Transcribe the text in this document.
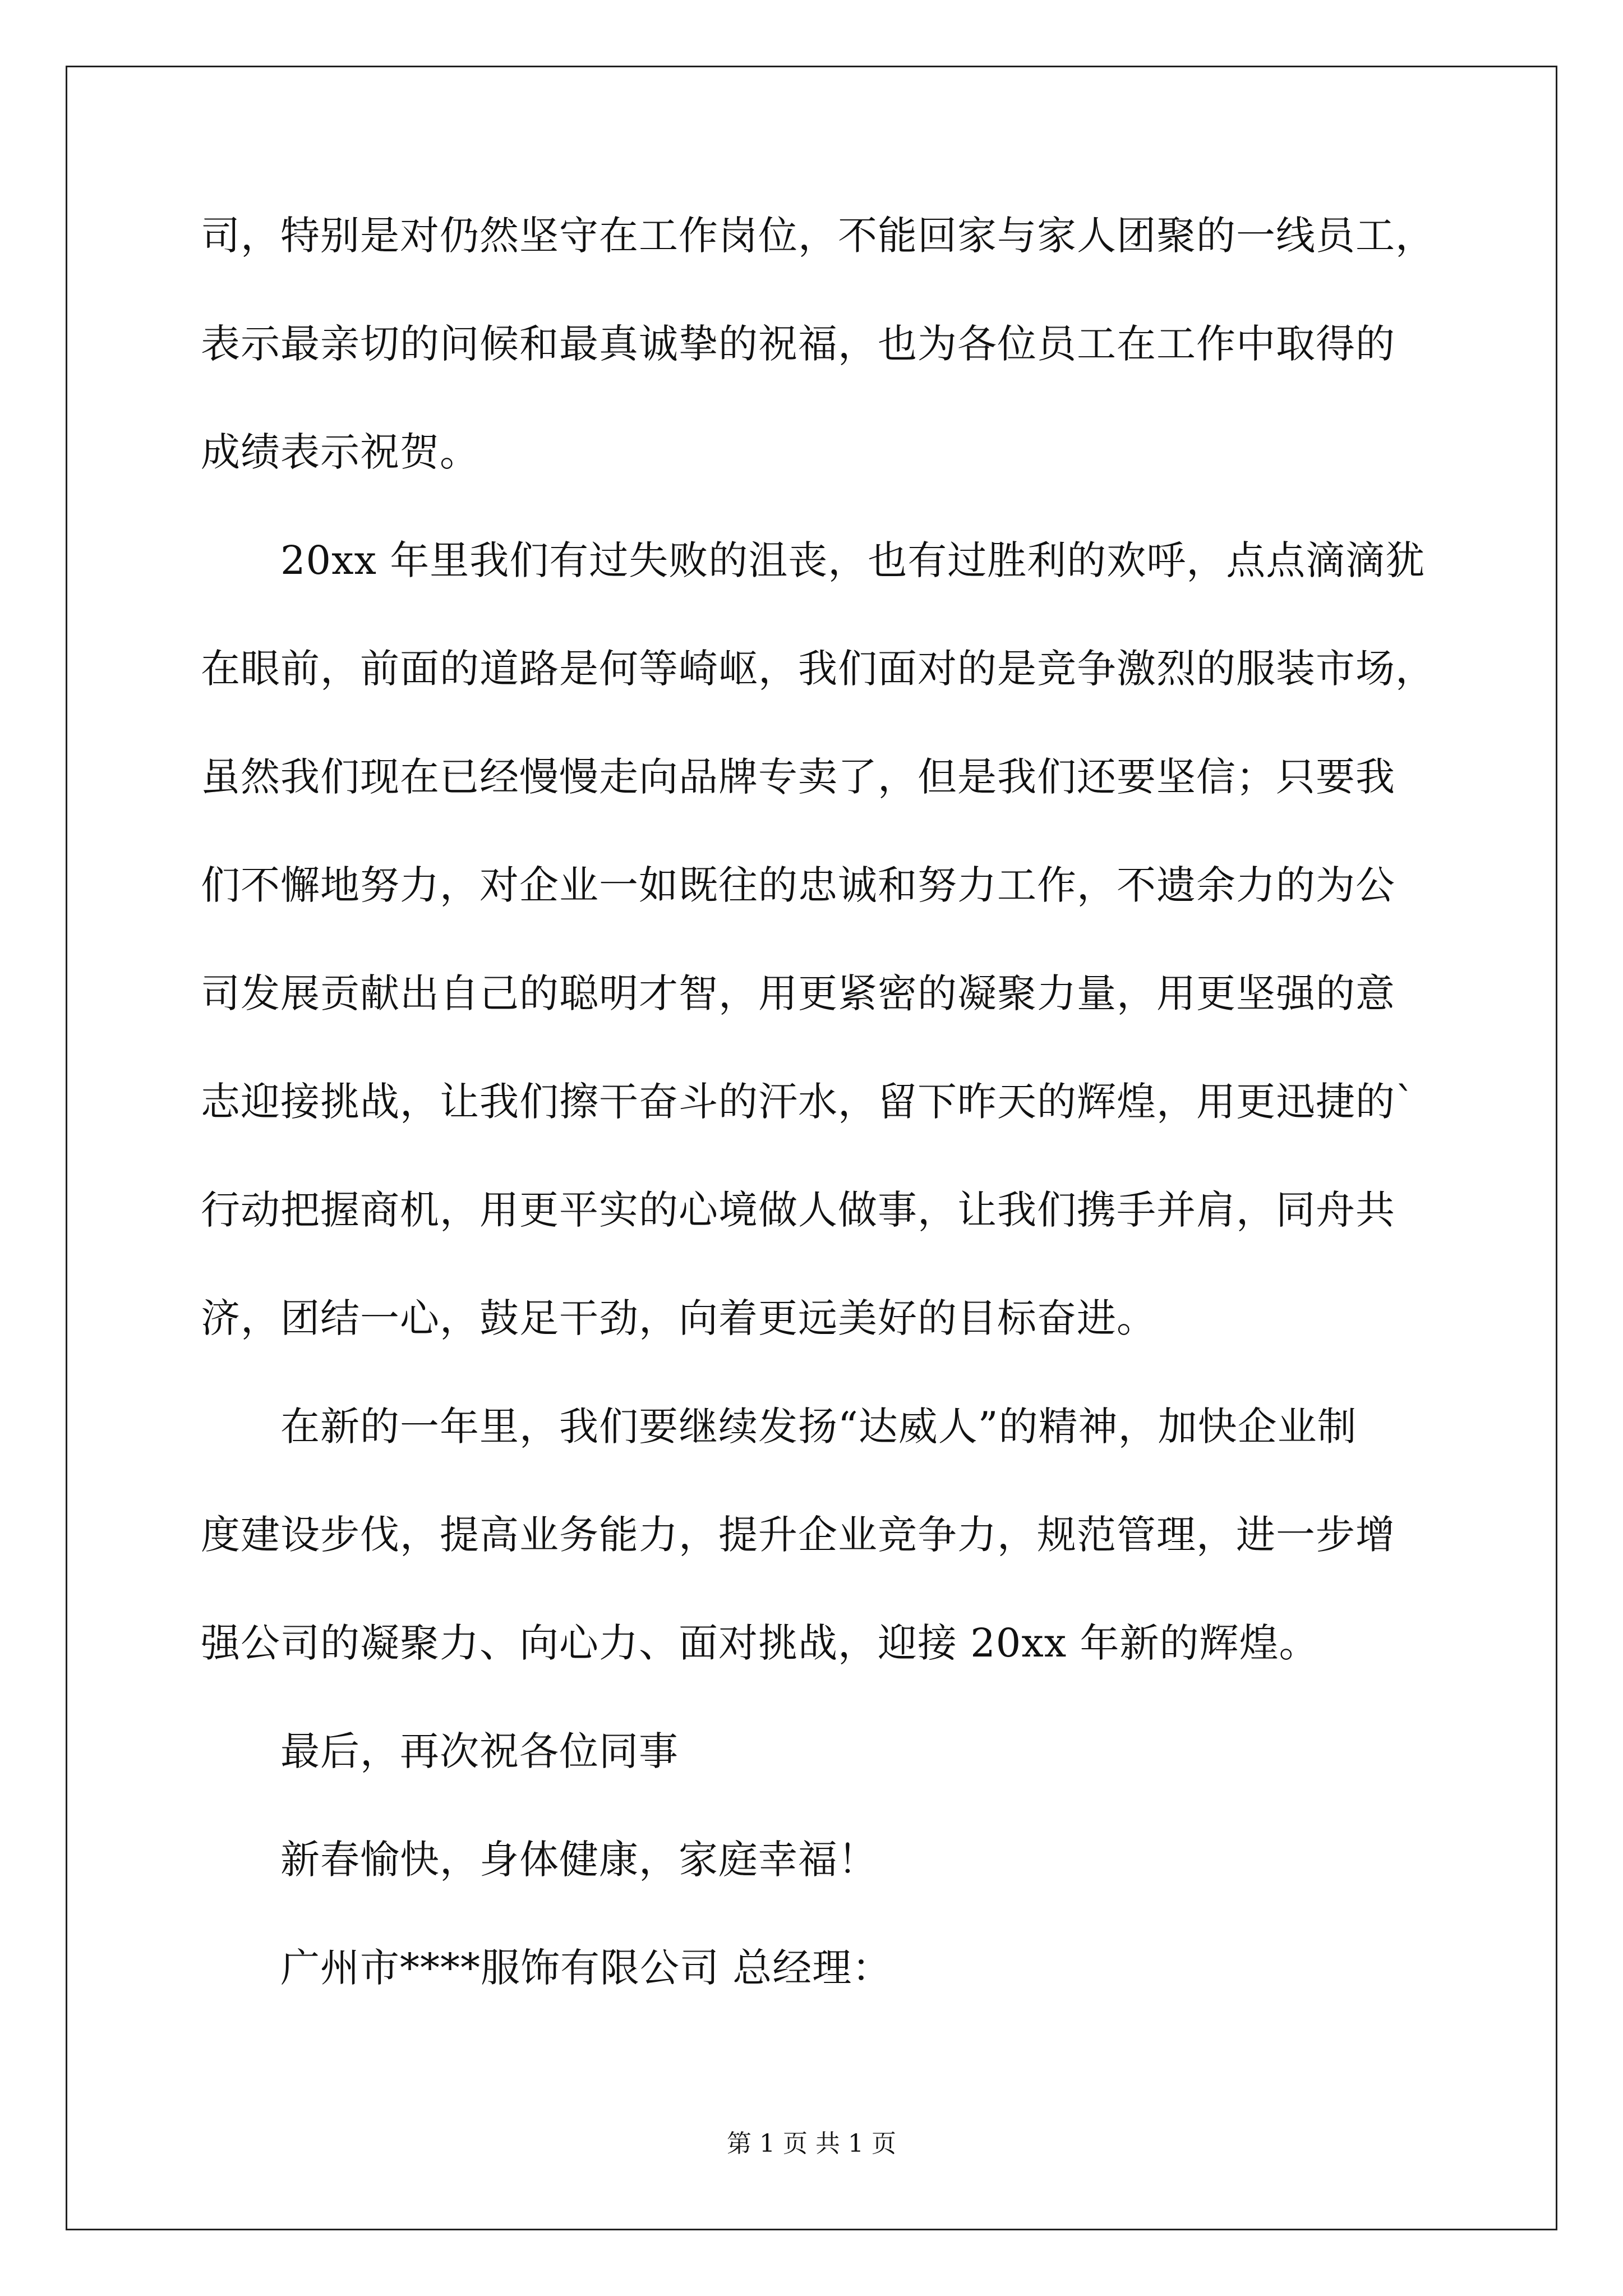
司，特别是对仍然坚守在工作岗位，不能回家与家人团聚的一线员工，
表示最亲切的问候和最真诚挚的祝福，也为各位员工在工作中取得的
成绩表示祝贺。
20xx 年里我们有过失败的沮丧，也有过胜利的欢呼，点点滴滴犹
在眼前，前面的道路是何等崎岖，我们面对的是竞争激烈的服装市场，
虽然我们现在已经慢慢走向品牌专卖了，但是我们还要坚信；只要我
们不懈地努力，对企业一如既往的忠诚和努力工作，不遗余力的为公
司发展贡献出自己的聪明才智，用更紧密的凝聚力量，用更坚强的意
志迎接挑战，让我们擦干奋斗的汗水，留下昨天的辉煌，用更迅捷的`
行动把握商机，用更平实的心境做人做事，让我们携手并肩，同舟共
济，团结一心，鼓足干劲，向着更远美好的目标奋进。
在新的一年里，我们要继续发扬“达威人”的精神，加快企业制
度建设步伐，提高业务能力，提升企业竞争力，规范管理，进一步增
强公司的凝聚力、向心力、面对挑战，迎接 20xx 年新的辉煌。
最后，再次祝各位同事
新春愉快，身体健康，家庭幸福！
广州市****服饰有限公司 总经理：
第 1 页 共 1 页
